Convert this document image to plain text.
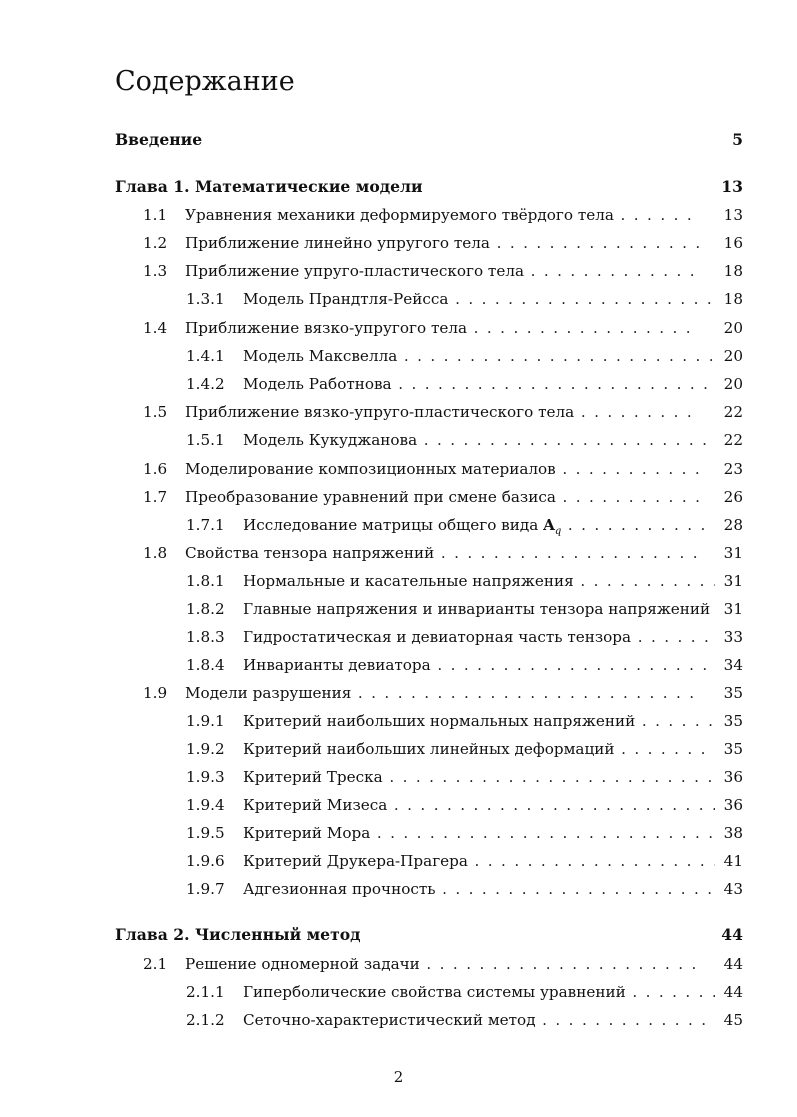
Содержание
Введение	5
Глава 1. Математические модели	13
1.1 Уравнения механики деформируемого твёрдого тела . . .	13
1.2 Приближение линейно упругого тела . . .	16
1.3 Приближение упруго-пластического тела . . .	18
1.3.1 Модель Прандтля-Рейсса . . .	18
1.4 Приближение вязко-упругого тела . . .	20
1.4.1 Модель Максвелла . . .	20
1.4.2 Модель Работнова . . .	20
1.5 Приближение вязко-упруго-пластического тела . . .	22
1.5.1 Модель Кукуджанова . . .	22
1.6 Моделирование композиционных материалов . . .	23
1.7 Преобразование уравнений при смене базиса . . .	26
1.7.1 Исследование матрицы общего вида $A_q$ . . .	28
1.8 Свойства тензора напряжений . . .	31
1.8.1 Нормальные и касательные напряжения . . .	31
1.8.2 Главные напряжения и инварианты тензора напряжений 31
1.8.3 Гидростатическая и девиаторная часть тензора . . .	33
1.8.4 Инварианты девиатора . . .	34
1.9 Модели разрушения . . .	35
1.9.1 Критерий наибольших нормальных напряжений . . .	35
1.9.2 Критерий наибольших линейных деформаций . . .	35
1.9.3 Критерий Треска . . .	36
1.9.4 Критерий Мизеса . . .	36
1.9.5 Критерий Мора . . .	38
1.9.6 Критерий Друкера-Прагера . . .	41
1.9.7 Адгезионная прочность . . .	43
Глава 2. Численный метод	44
2.1 Решение одномерной задачи . . .	44
2.1.1 Гиперболические свойства системы уравнений . . .	44
2.1.2 Сеточно-характеристический метод . . .	45
2
